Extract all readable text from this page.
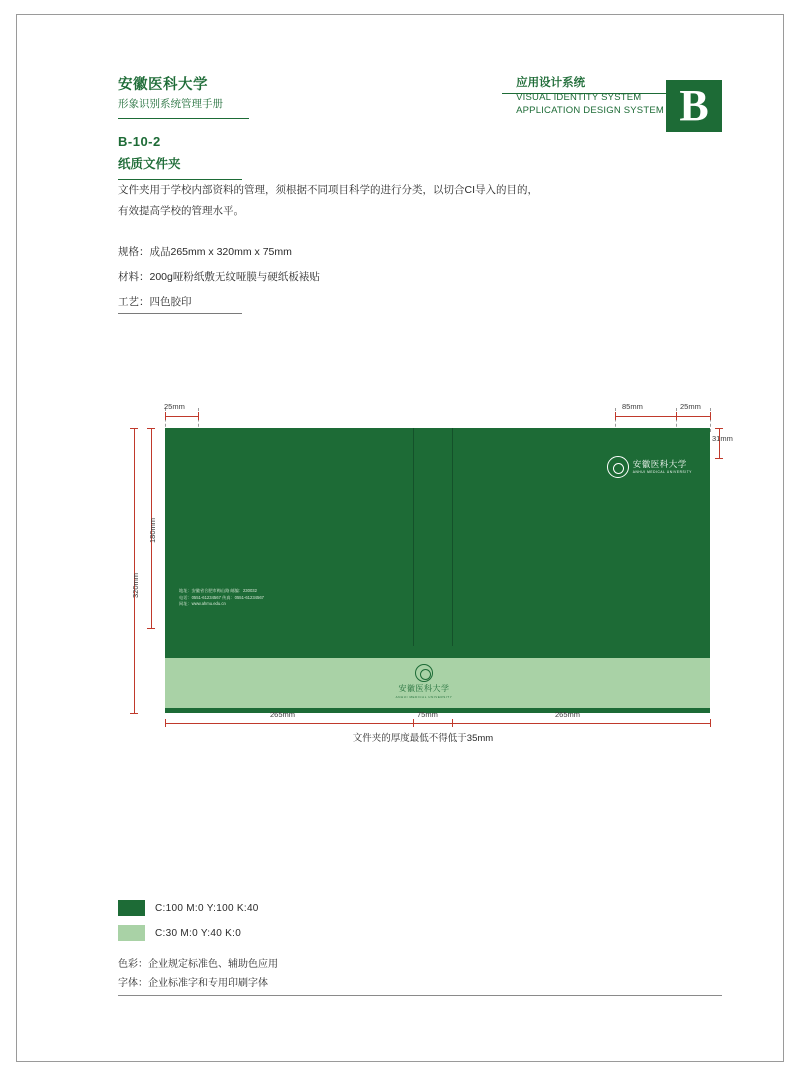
安徽医科大学
形象识别系统管理手册
应用设计系统
VISUAL IDENTITY SYSTEM
APPLICATION DESIGN SYSTEM B
B-10-2
纸质文件夹
文件夹用于学校内部资料的管理，须根据不同项目科学的进行分类，以切合CI导入的目的，有效提高学校的管理水平。
规格：成品265mm x 320mm x 75mm
材料：200g哑粉纸敷无纹哑膜与硬纸板裱贴
工艺：四色胶印
25mm	85mm	25mm
31mm
180mm
320mm
安徽医科大学
ANHUI MEDICAL UNIVERSITY
地址：安徽省合肥市梅山路 邮编：230032
电话：0551-61234567 传真：0551-61234567
网址：www.ahmu.edu.cn
安徽医科大学
ANHUI MEDICAL UNIVERSITY
265mm	75mm	265mm
文件夹的厚度最低不得低于35mm
C:100 M:0 Y:100 K:40
C:30 M:0 Y:40 K:0
色彩：企业规定标准色、辅助色应用
字体：企业标准字和专用印刷字体
